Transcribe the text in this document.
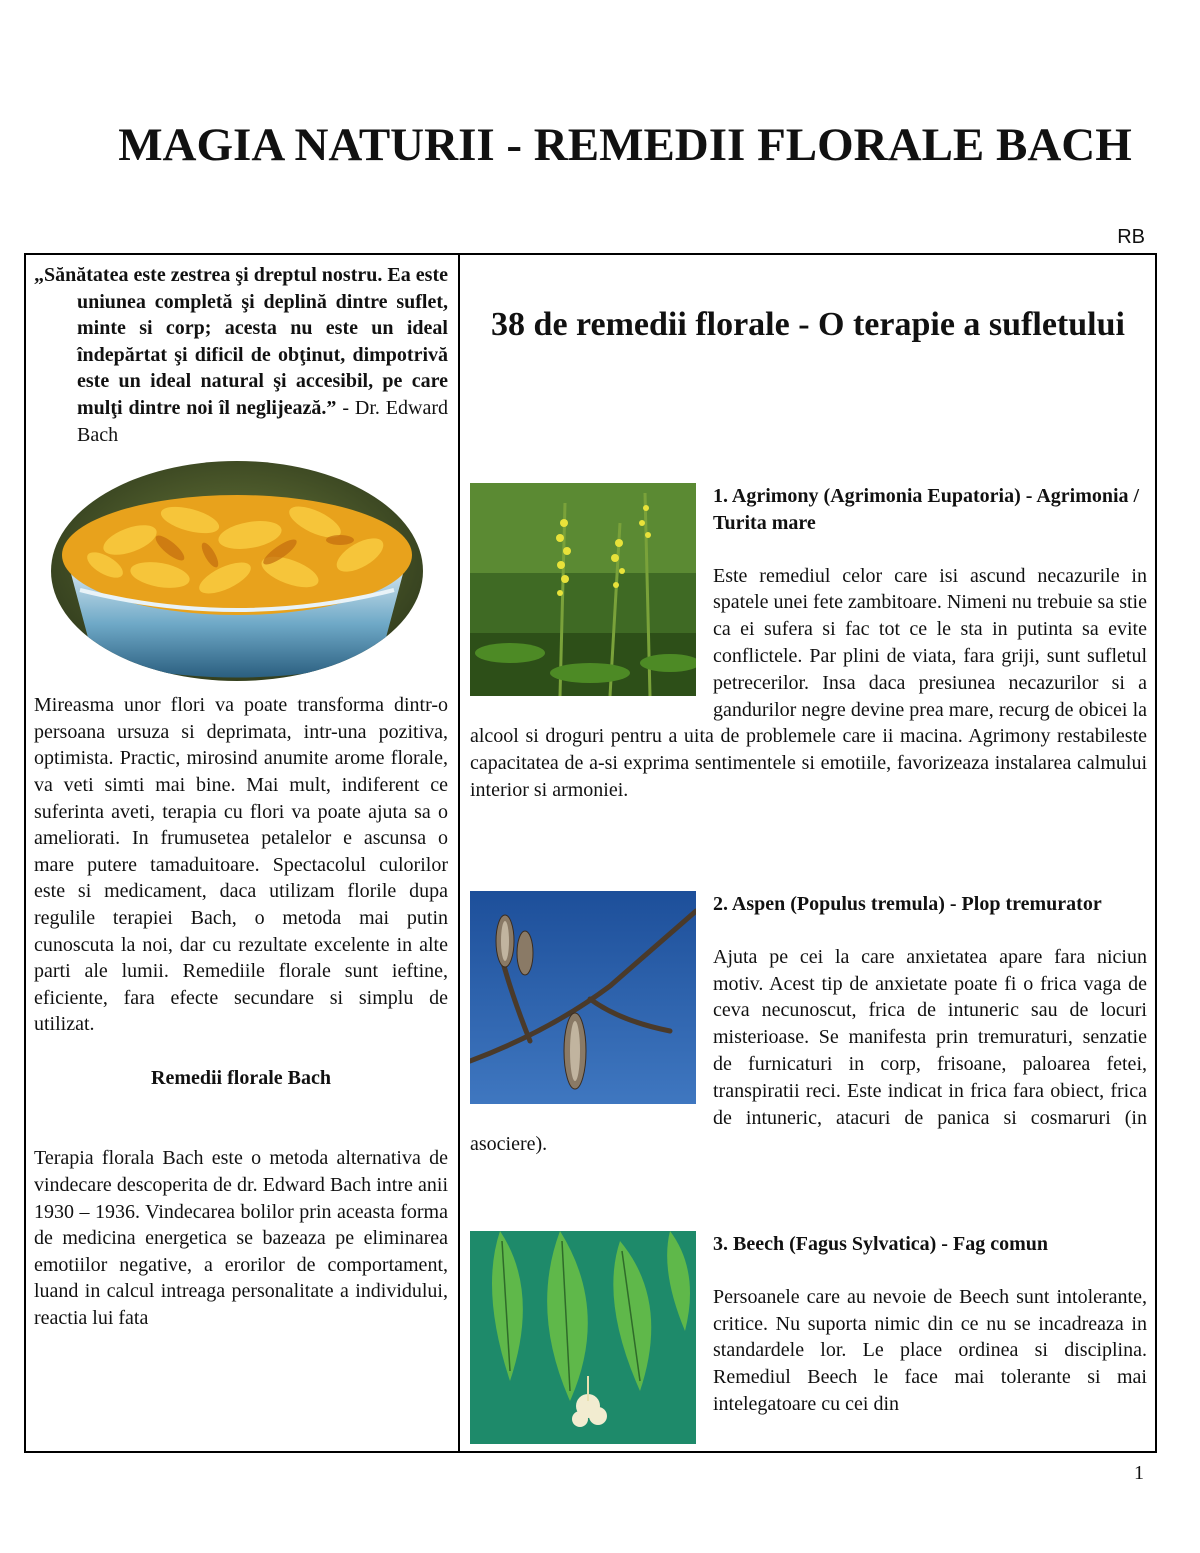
MAGIA NATURII - REMEDII FLORALE BACH
RB

„Sănătatea este zestrea şi dreptul nostru. Ea este uniunea completă şi deplină dintre suflet, minte si corp; acesta nu este un ideal îndepărtat şi dificil de obţinut, dimpotrivă este un ideal natural şi accesibil, pe care mulţi dintre noi îl neglijează.” - Dr. Edward Bach

Mireasma unor flori va poate transforma dintr-o persoana ursuza si deprimata, intr-una pozitiva, optimista. Practic, mirosind anumite arome florale, va veti simti mai bine. Mai mult, indiferent ce suferinta aveti, terapia cu flori va poate ajuta sa o ameliorati. In frumusetea petalelor e ascunsa o mare putere tamaduitoare. Spectacolul culorilor este si medicament, daca utilizam florile dupa regulile terapiei Bach, o metoda mai putin cunoscuta la noi, dar cu rezultate excelente in alte parti ale lumii. Remediile florale sunt ieftine, eficiente, fara efecte secundare si simplu de utilizat.

Remedii florale Bach

Terapia florala Bach este o metoda alternativa de vindecare descoperita de dr. Edward Bach intre anii 1930 – 1936. Vindecarea bolilor prin aceasta forma de medicina energetica se bazeaza pe eliminarea emotiilor negative, a erorilor de comportament, luand in calcul intreaga personalitate a individului, reactia lui fata

38 de remedii florale - O terapie a sufletului
1. Agrimony (Agrimonia Eupatoria) - Agrimonia / Turita mare

Este remediul celor care isi ascund necazurile in spatele unei fete zambitoare. Nimeni nu trebuie sa stie ca ei sufera si fac tot ce le sta in putinta sa evite conflictele. Par plini de viata, fara griji, sunt sufletul petrecerilor. Insa daca presiunea necazurilor si a gandurilor negre devine prea mare, recurg de obicei la alcool si droguri pentru a uita de problemele care ii macina. Agrimony restabileste capacitatea de a-si exprima sentimentele si emotiile, favorizeaza instalarea calmului interior si armoniei.

2. Aspen (Populus tremula) - Plop tremurator

Ajuta pe cei la care anxietatea apare fara niciun motiv. Acest tip de anxietate poate fi o frica vaga de ceva necunoscut, frica de intuneric sau de locuri misterioase. Se manifesta prin tremuraturi, senzatie de furnicaturi in corp, frisoane, paloarea fetei, transpiratii reci. Este indicat in frica fara obiect, frica de intuneric, atacuri de panica si cosmaruri (in asociere).

3. Beech (Fagus Sylvatica) - Fag comun

Persoanele care au nevoie de Beech sunt intolerante, critice. Nu suporta nimic din ce nu se incadreaza in standardele lor. Le place ordinea si disciplina. Remediul Beech le face mai tolerante si mai intelegatoare cu cei din

1
